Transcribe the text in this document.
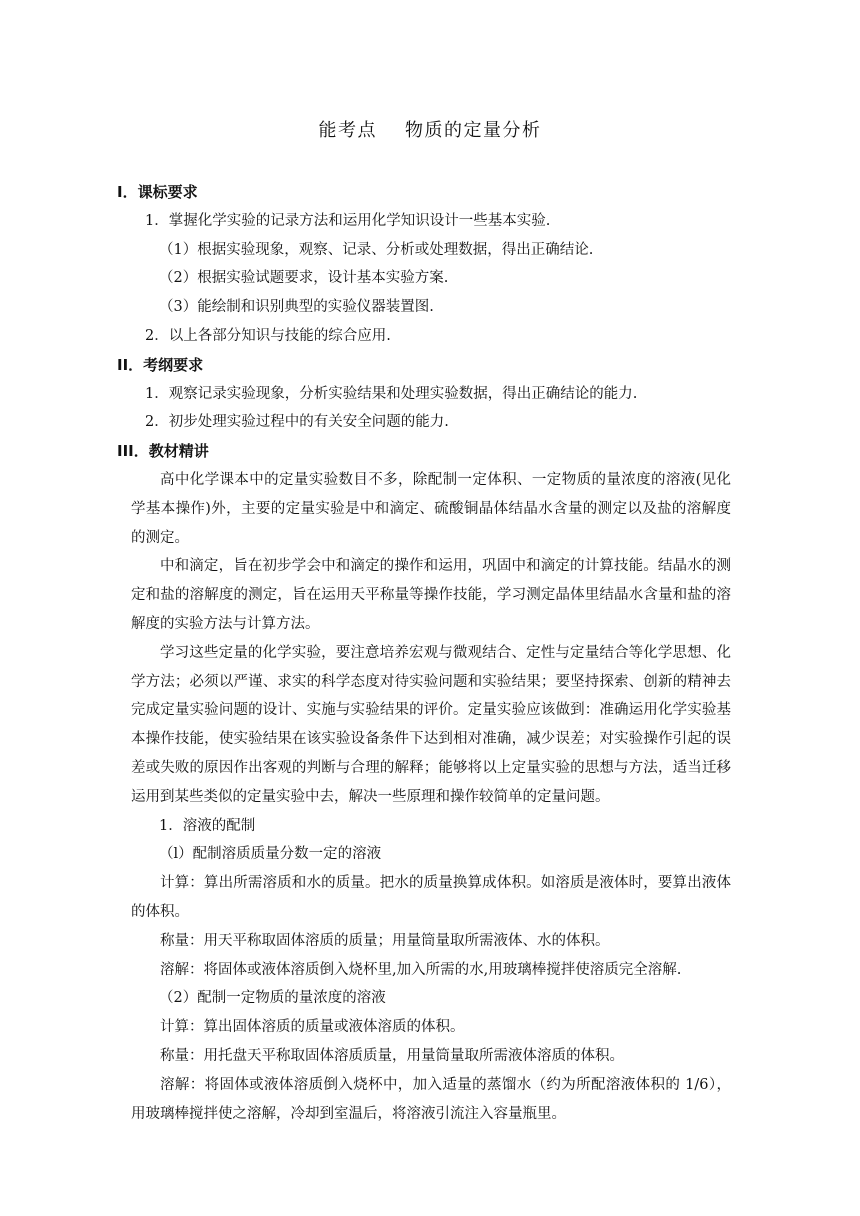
能考点 物质的定量分析
I．课标要求
1．掌握化学实验的记录方法和运用化学知识设计一些基本实验.
（1）根据实验现象，观察、记录、分析或处理数据，得出正确结论.
（2）根据实验试题要求，设计基本实验方案.
（3）能绘制和识别典型的实验仪器装置图.
2．以上各部分知识与技能的综合应用.
II．考纲要求
1．观察记录实验现象，分析实验结果和处理实验数据，得出正确结论的能力.
2．初步处理实验过程中的有关安全问题的能力.
III．教材精讲
高中化学课本中的定量实验数目不多，除配制一定体积、一定物质的量浓度的溶液(见化学基本操作)外，主要的定量实验是中和滴定、硫酸铜晶体结晶水含量的测定以及盐的溶解度的测定。
中和滴定，旨在初步学会中和滴定的操作和运用，巩固中和滴定的计算技能。结晶水的测定和盐的溶解度的测定，旨在运用天平称量等操作技能，学习测定晶体里结晶水含量和盐的溶解度的实验方法与计算方法。
学习这些定量的化学实验，要注意培养宏观与微观结合、定性与定量结合等化学思想、化学方法；必须以严谨、求实的科学态度对待实验问题和实验结果；要坚持探索、创新的精神去完成定量实验问题的设计、实施与实验结果的评价。定量实验应该做到：准确运用化学实验基本操作技能，使实验结果在该实验设备条件下达到相对准确，减少误差；对实验操作引起的误差或失败的原因作出客观的判断与合理的解释；能够将以上定量实验的思想与方法，适当迁移运用到某些类似的定量实验中去，解决一些原理和操作较简单的定量问题。
1．溶液的配制
（l）配制溶质质量分数一定的溶液
计算：算出所需溶质和水的质量。把水的质量换算成体积。如溶质是液体时，要算出液体的体积。
称量：用天平称取固体溶质的质量；用量筒量取所需液体、水的体积。
溶解：将固体或液体溶质倒入烧杯里,加入所需的水,用玻璃棒搅拌使溶质完全溶解.
（2）配制一定物质的量浓度的溶液
计算：算出固体溶质的质量或液体溶质的体积。
称量：用托盘天平称取固体溶质质量，用量筒量取所需液体溶质的体积。
溶解：将固体或液体溶质倒入烧杯中，加入适量的蒸馏水（约为所配溶液体积的 1/6），用玻璃棒搅拌使之溶解，冷却到室温后，将溶液引流注入容量瓶里。
